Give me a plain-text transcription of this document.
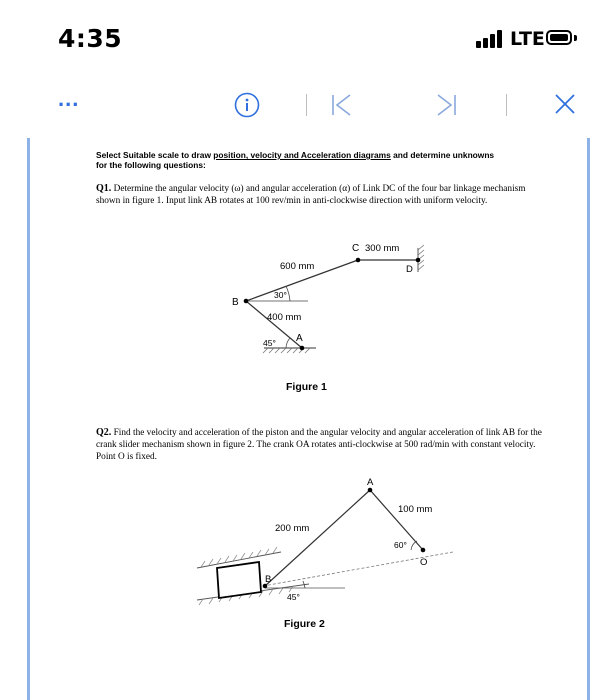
4:35	LTE
...
Select Suitable scale to draw position, velocity and Acceleration diagrams and determine unknowns for the following questions:
Q1. Determine the angular velocity (ω) and angular acceleration (α) of Link DC of the four bar linkage mechanism shown in figure 1. Input link AB rotates at 100 rev/min in anti-clockwise direction with uniform velocity.
C 300 mm
D
600 mm
B
30°
400 mm
45° A
Figure 1
Q2. Find the velocity and acceleration of the piston and the angular velocity and angular acceleration of link AB for the crank slider mechanism shown in figure 2. The crank OA rotates anti-clockwise at 500 rad/min with constant velocity. Point O is fixed.
A
200 mm
100 mm
60°
O
B
45°
Figure 2
